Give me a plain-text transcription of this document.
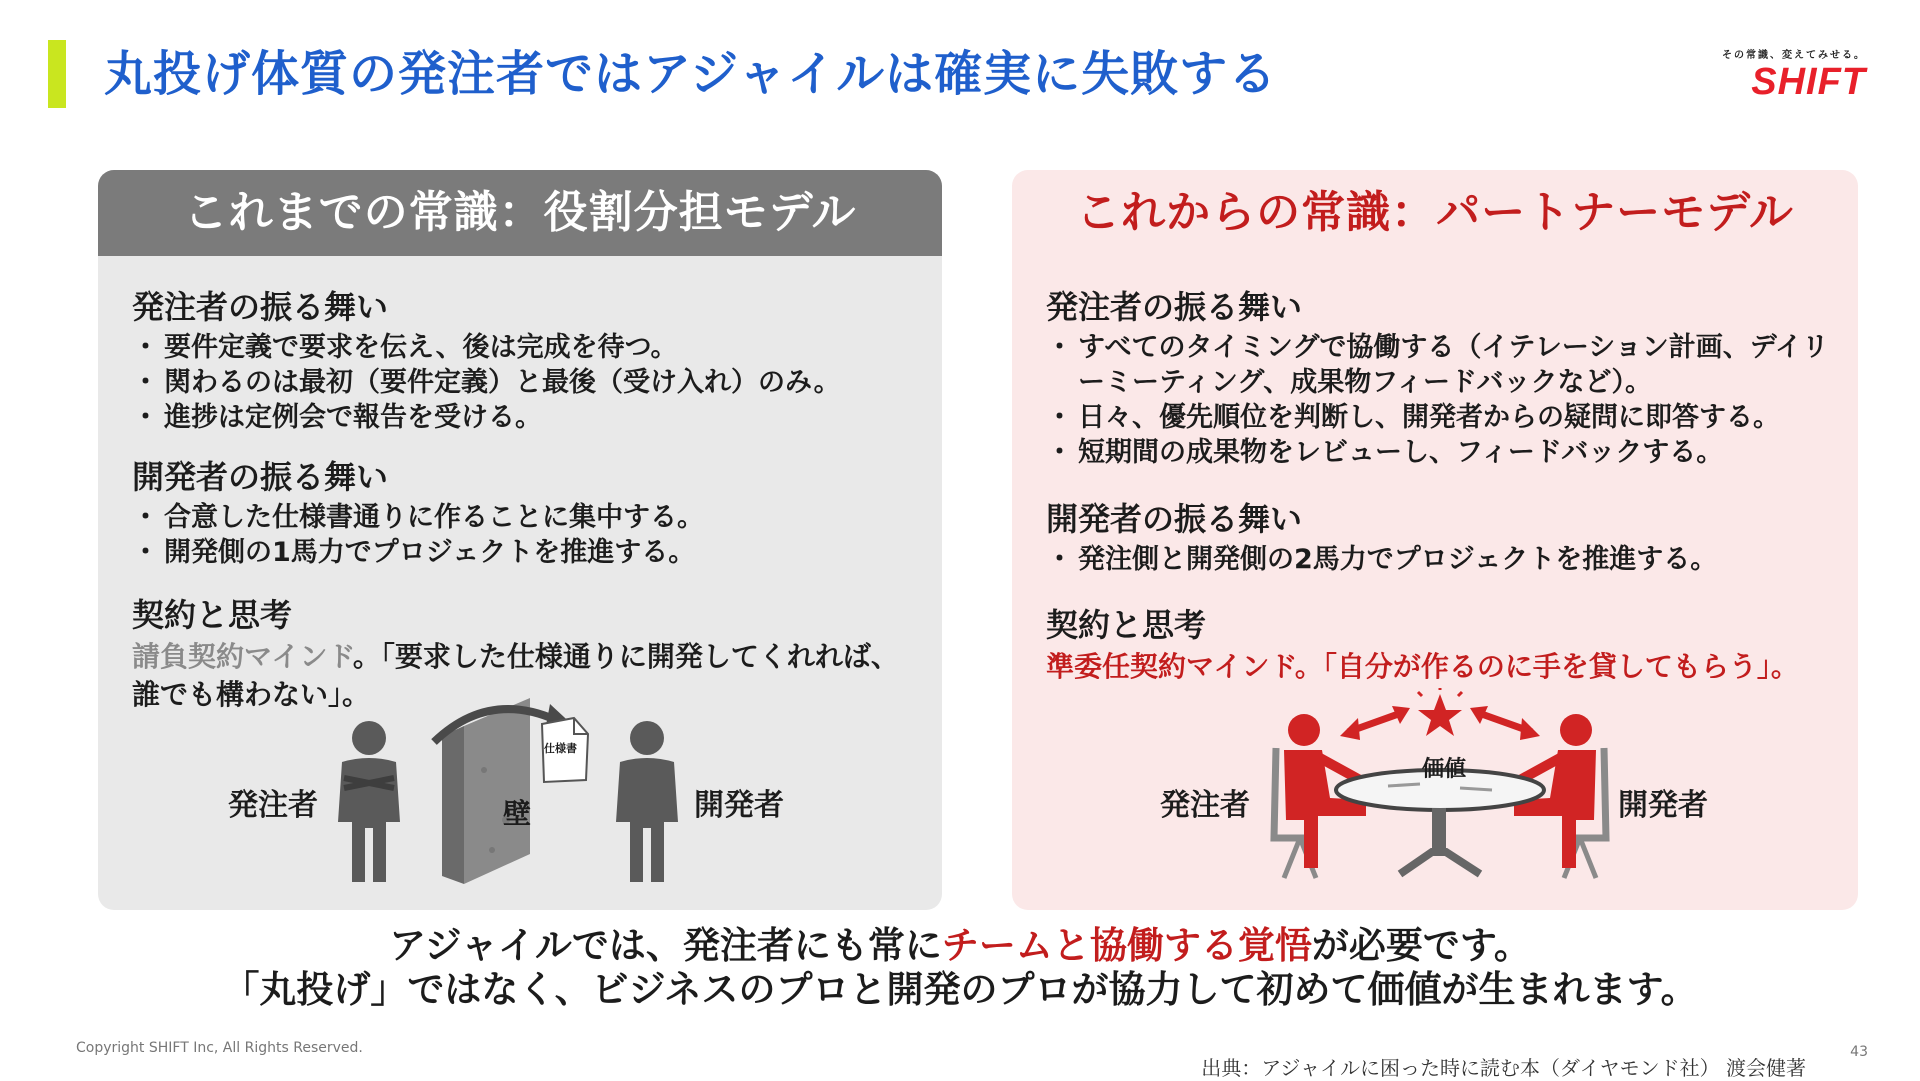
丸投げ体質の発注者ではアジャイルは確実に失敗する	その常識、変えてみせる。
SHIFT
これまでの常識：役割分担モデル
発注者の振る舞い
・ 要件定義で要求を伝え、後は完成を待つ。
・ 関わるのは最初（要件定義）と最後（受け入れ）のみ。
・ 進捗は定例会で報告を受ける。
開発者の振る舞い
・ 合意した仕様書通りに作ることに集中する。
・ 開発側の1馬力でプロジェクトを推進する。
契約と思考

請負契約マインド。「要求した仕様通りに開発してくれれば、誰でも構わない」。

発注者	壁
仕様書
開発者
これからの常識：パートナーモデル
発注者の振る舞い
・ すべてのタイミングで協働する（イテレーション計画、デイリーミーティング、成果物フィードバックなど）。
・ 日々、優先順位を判断し、開発者からの疑問に即答する。
・ 短期間の成果物をレビューし、フィードバックする。
開発者の振る舞い
・ 発注側と開発側の2馬力でプロジェクトを推進する。
契約と思考

準委任契約マインド。「自分が作るのに手を貸してもらう」。

発注者	開発者
価値

アジャイルでは、発注者にも常にチームと協働する覚悟が必要です。

「丸投げ」ではなく、ビジネスのプロと開発のプロが協力して初めて価値が生まれます。

Copyright SHIFT Inc, All Rights Reserved.
出典：アジャイルに困った時に読む本（ダイヤモンド社） 渡会健著
43
